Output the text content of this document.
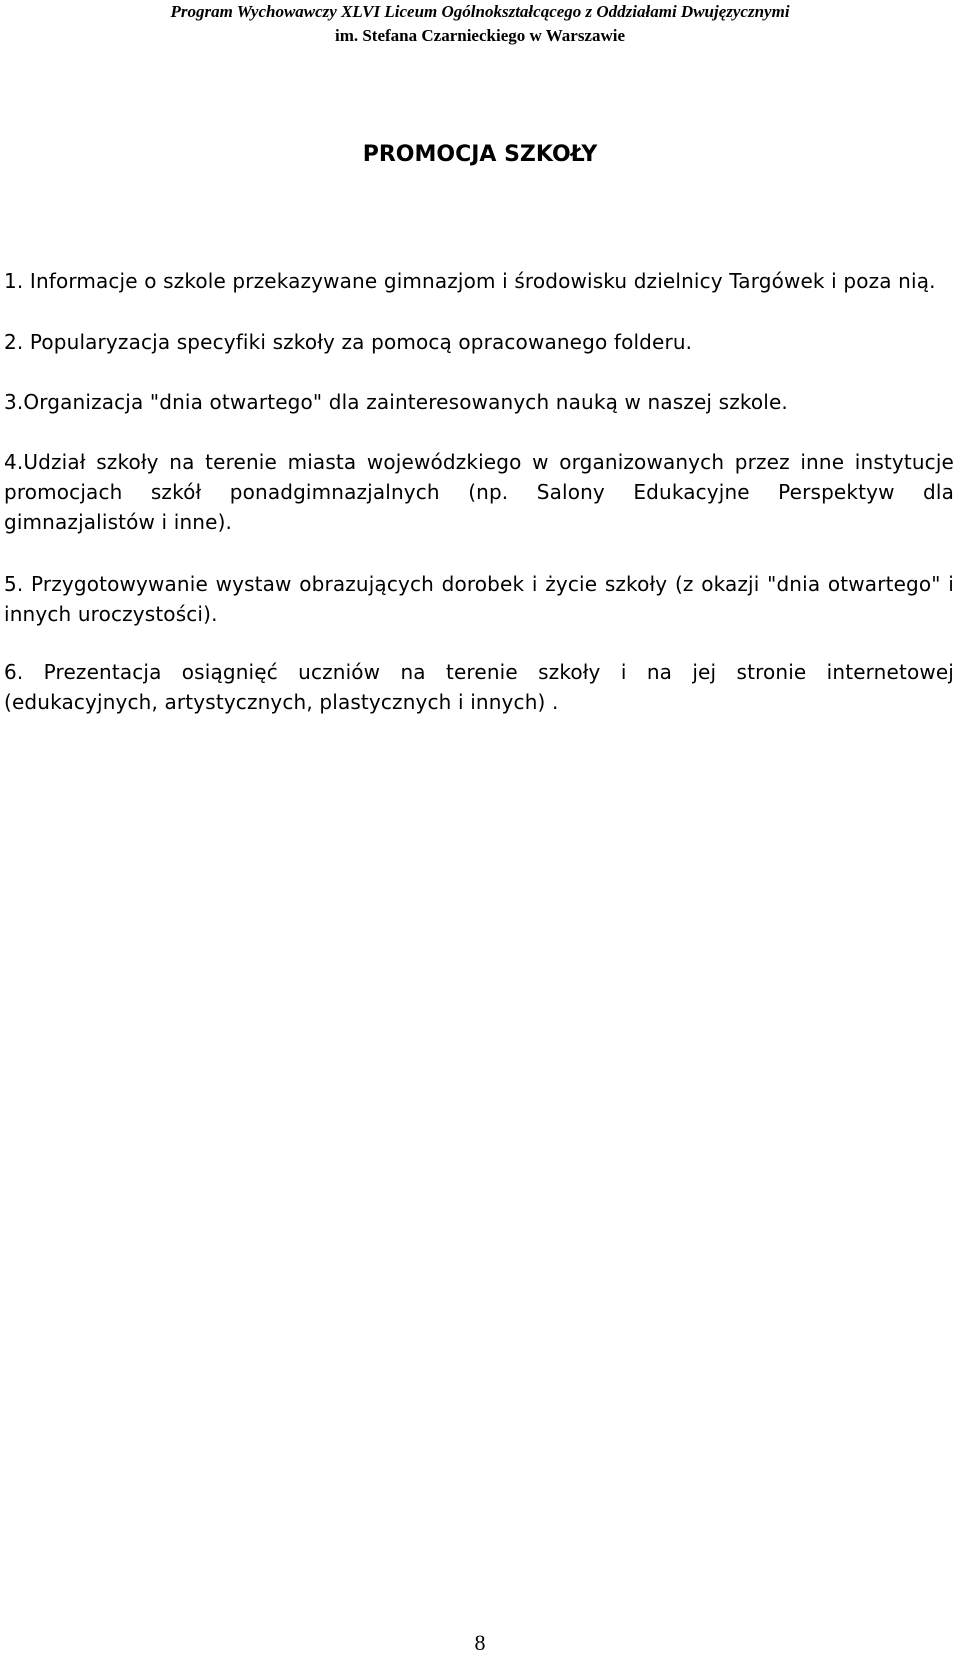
Program Wychowawczy XLVI Liceum Ogólnokształcącego z Oddziałami Dwujęzycznymi
im. Stefana Czarnieckiego w Warszawie
PROMOCJA SZKOŁY

1. Informacje o szkole przekazywane gimnazjom i środowisku dzielnicy Targówek i poza nią.

2. Popularyzacja specyfiki szkoły za pomocą opracowanego folderu.

3.Organizacja "dnia otwartego" dla zainteresowanych nauką w naszej szkole.

4.Udział szkoły na terenie miasta wojewódzkiego w organizowanych przez inne instytucje promocjach szkół ponadgimnazjalnych (np. Salony Edukacyjne Perspektyw dla gimnazjalistów i inne).

5. Przygotowywanie wystaw obrazujących dorobek i życie szkoły (z okazji "dnia otwartego" i innych uroczystości).

6. Prezentacja osiągnięć uczniów na terenie szkoły i na jej stronie internetowej (edukacyjnych, artystycznych, plastycznych i innych) .

8
